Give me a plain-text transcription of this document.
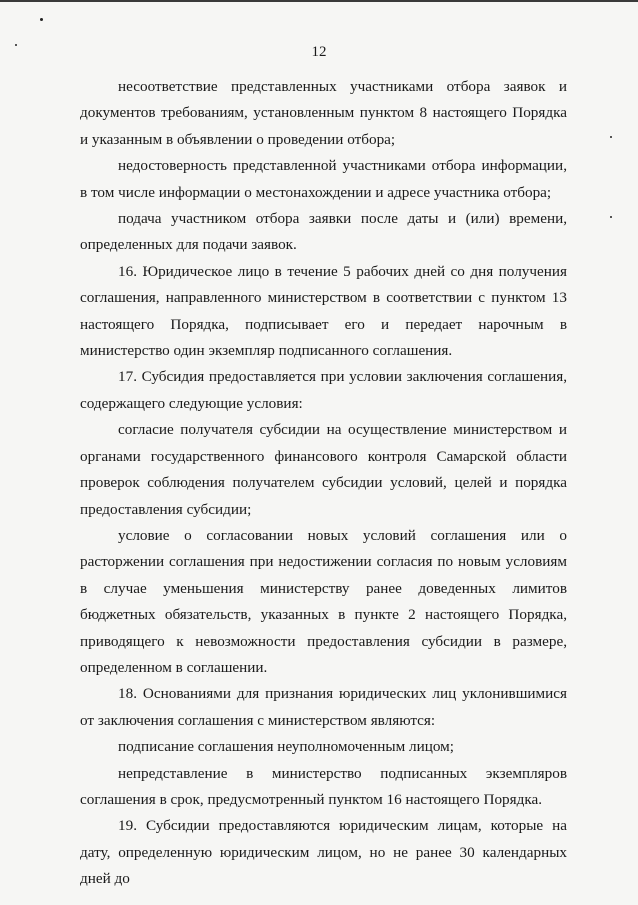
12

несоответствие представленных участниками отбора заявок и документов требованиям, установленным пунктом 8 настоящего Порядка и указанным в объявлении о проведении отбора;

недостоверность представленной участниками отбора информации, в том числе информации о местонахождении и адресе участника отбора;

подача участником отбора заявки после даты и (или) времени, определенных для подачи заявок.

16. Юридическое лицо в течение 5 рабочих дней со дня получения соглашения, направленного министерством в соответствии с пунктом 13 настоящего Порядка, подписывает его и передает нарочным в министерство один экземпляр подписанного соглашения.

17. Субсидия предоставляется при условии заключения соглашения, содержащего следующие условия:

согласие получателя субсидии на осуществление министерством и органами государственного финансового контроля Самарской области проверок соблюдения получателем субсидии условий, целей и порядка предоставления субсидии;

условие о согласовании новых условий соглашения или о расторжении соглашения при недостижении согласия по новым условиям в случае уменьшения министерству ранее доведенных лимитов бюджетных обязательств, указанных в пункте 2 настоящего Порядка, приводящего к невозможности предоставления субсидии в размере, определенном в соглашении.

18. Основаниями для признания юридических лиц уклонившимися от заключения соглашения с министерством являются:

подписание соглашения неуполномоченным лицом;

непредставление в министерство подписанных экземпляров соглашения в срок, предусмотренный пунктом 16 настоящего Порядка.

19. Субсидии предоставляются юридическим лицам, которые на дату, определенную юридическим лицом, но не ранее 30 календарных дней до
